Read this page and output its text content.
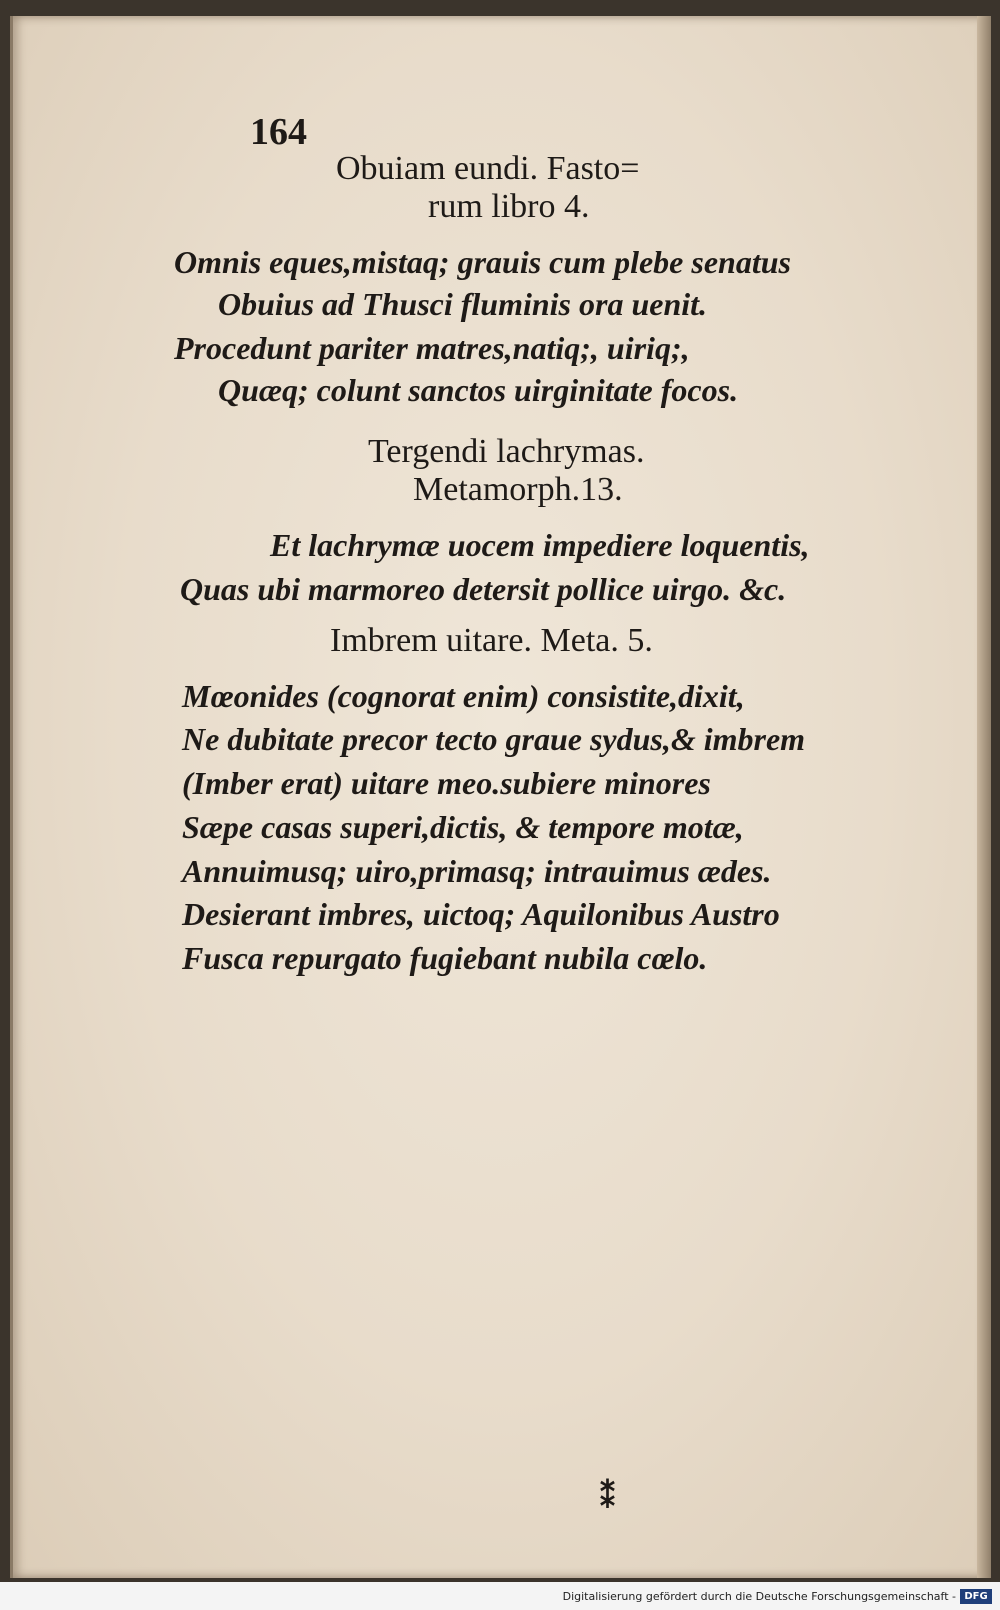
164
Obuiam eundi. Fasto=
rum libro 4.
Omnis eques,mistaq; grauis cum plebe senatus
Obuius ad Thusci fluminis ora uenit.
Procedunt pariter matres,natiq;, uiriq;,
Quæq; colunt sanctos uirginitate focos.
Tergendi lachrymas.
Metamorph.13.
Et lachrymæ uocem impediere loquentis,
Quas ubi marmoreo detersit pollice uirgo. &c.
Imbrem uitare. Meta. 5.
Mœonides (cognorat enim) consistite,dixit,
Ne dubitate precor tecto graue sydus,& imbrem
(Imber erat) uitare meo.subiere minores
Sæpe casas superi,dictis, & tempore motæ,
Annuimusq; uiro,primasq; intrauimus ædes.
Desierant imbres, uictoq; Aquilonibus Austro
Fusca repurgato fugiebant nubila cœlo.
⁑
Digitalisierung gefördert durch die Deutsche Forschungsgemeinschaft - DFG
